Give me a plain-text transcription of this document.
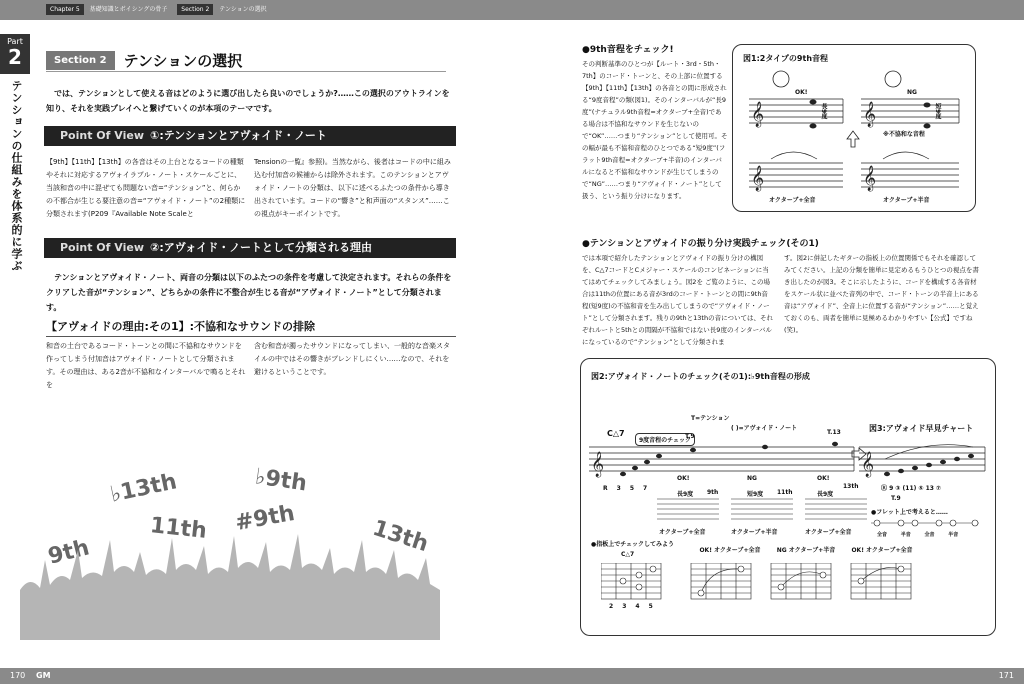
Chapter 5 基礎知識とボイシングの骨子 Section 2 テンションの選択
Part
2
テンションの仕組みを体系的に学ぶ
Section 2 テンションの選択
では、テンションとして使える音はどのように選び出したら良いのでしょうか?……この選択のアウトラインを知り、それを実践プレイへと繋げていくのが本項のテーマです。
Point Of View ①:テンションとアヴォイド・ノート
【9th】【11th】【13th】の各音はその上台となるコードの種類やそれに対応するアヴォイラブル・ノート・スケールごとに、当該和音の中に混ぜても問題ない音=“テンション”と、何らかの不都合が生じる要注意の音=“アヴォイド・ノート”の2種類に分類されます(P209『Available Note Scaleと
Tensionの一覧』参照)。当然ながら、後者はコードの中に組み込む付加音の候補からは除外されます。このテンションとアヴォイド・ノートの分類は、以下に述べるふたつの条件から導き出されています。コードの“響き”と和声面の“スタンス”……この視点がキーポイントです。
Point Of View ②:アヴォイド・ノートとして分類される理由
テンションとアヴォイド・ノート、両音の分類は以下のふたつの条件を考慮して決定されます。それらの条件をクリアした音が“テンション”、どちらかの条件に不整合が生じる音が“アヴォイド・ノート”として分類されます。
【アヴォイドの理由:その1】:不協和なサウンドの排除
和音の土台であるコード・トーンとの間に不協和なサウンドを作ってしまう付加音はアヴォイド・ノートとして分類されます。その理由は、ある2音が不協和なインターバルで鳴るとそれを
含む和音が濁ったサウンドになってしまい、一般的な音楽スタイルの中ではその響きがブレンドしにくい……なので、それを避けるということです。
♭13th	♭9th
11th #9th
9th	13th
170 GM
●9th音程をチェック!
その判断基準のひとつが【ルート・3rd・5th・7th】のコード・トーンと、その上部に位置する【9th】【11th】【13th】の各音との間に形成される“9度音程”の類(図1)。そのインターバルが“長9度”(ナチュラル9th音程=オクターブ+全音)である場合は不協和なサウンドを生じないので“OK”……つまり“テンション”として使用可。その幅が最も不協和音程のひとつである“短9度”(フラット9th音程=オクターブ+半音)のインターバルになると不協和なサウンドが生じてしまうので“NG”……つまり“アヴォイド・ノート”として扱う、という振り分けになります。
図1:2タイプの9th音程
𝄞	𝄞
𝄞	𝄞
OK!	NG
長9度	短9度
※不協和な音程
オクターブ+全音	オクターブ+半音
●テンションとアヴォイドの振り分け実践チェック(その1)
では本項で紹介したテンションとアヴォイドの振り分けの構図を、C△7コードとCメジャー・スケールのコンビネーションに当てはめてチェックしてみましょう。図2を ご覧のように、この場合は11thの位置にある音が3rdのコード・トーンとの間に9th音程(短9度)の不協和音を生み出してしまうので“アヴォイド・ノート”として分類されます。残りの9thと13thの音については、それぞれルートと5thとの間隔が不協和ではない長9度のインターバルになっているので“テンション”として分類されま
す。図2に併記したギターの指板上の位置関係でもそれを確認してみてください。上記の分類を簡単に見定めるもうひとつの視点を書き出したのが図3。そこに示したように、コードを構成する各音材をスケール状に並べた音列の中で、コード・トーンの半音上にある音は“アヴォイド”、全音上に位置する音が“テンション”……と覚えておくのも、両者を簡単に見極めるわかりやすい【公式】ですね(笑)。
図2:アヴォイド・ノートのチェック(その1):♭9th音程の形成
T=テンション
( )=アヴォイド・ノート
9度音程のチェック
C△7	T.9
T.13
𝄞
R357
OK!	NG	OK!
長9度 9th	短9度 11th	長9度
13th
オクターブ+全音	オクターブ+半音	オクターブ+全音
●指板上でチェックしてみよう
C△7
OK! オクターブ+全音	NG オクターブ+半音	OK! オクターブ+全音
2345
図3:アヴォイド早見チャート
𝄞
Ⓡ 9 ③ (11) ⑤ 13 ⑦
T.9
●フレット上で考えると……
全音	半音	全音	半音
171
